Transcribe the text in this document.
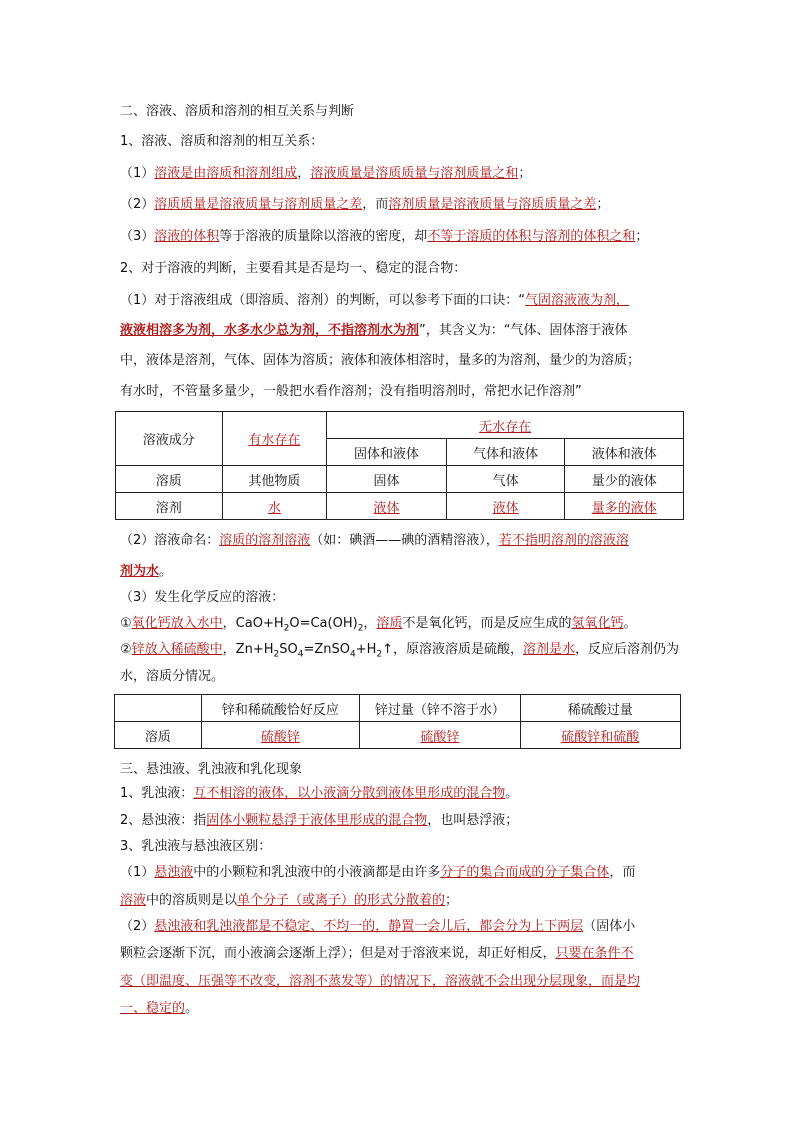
二、溶液、溶质和溶剂的相互关系与判断
1、溶液、溶质和溶剂的相互关系：
（1）溶液是由溶质和溶剂组成，溶液质量是溶质质量与溶剂质量之和；
（2）溶质质量是溶液质量与溶剂质量之差，而溶剂质量是溶液质量与溶质质量之差；
（3）溶液的体积等于溶液的质量除以溶液的密度，却不等于溶质的体积与溶剂的体积之和；
2、对于溶液的判断，主要看其是否是均一、稳定的混合物：
（1）对于溶液组成（即溶质、溶剂）的判断，可以参考下面的口诀：“气固溶液液为剂，
液液相溶多为剂，水多水少总为剂，不指溶剂水为剂”，其含义为：“气体、固体溶于液体
中，液体是溶剂，气体、固体为溶质；液体和液体相溶时，量多的为溶剂，量少的为溶质；
有水时，不管量多量少，一般把水看作溶剂；没有指明溶剂时，常把水记作溶剂”
溶液成分	有水存在	无水存在		
		固体和液体	气体和液体	液体和液体
溶质	其他物质	固体	气体	量少的液体
溶剂	水	液体	液体	量多的液体
（2）溶液命名：溶质的溶剂溶液（如：碘酒——碘的酒精溶液），若不指明溶剂的溶液溶
剂为水。
（3）发生化学反应的溶液：
①氧化钙放入水中，$CaO+H_2O=Ca(OH)_2$，溶质不是氧化钙，而是反应生成的氢氧化钙。
②锌放入稀硫酸中，$Zn+H_2SO_4=ZnSO_4+H_2↑$，原溶液溶质是硫酸，溶剂是水，反应后溶剂仍为
水，溶质分情况。
	锌和稀硫酸恰好反应	锌过量（锌不溶于水）	稀硫酸过量
溶质	硫酸锌	硫酸锌	硫酸锌和硫酸
三、悬浊液、乳浊液和乳化现象
1、乳浊液：互不相溶的液体，以小液滴分散到液体里形成的混合物。
2、悬浊液：指固体小颗粒悬浮于液体里形成的混合物，也叫悬浮液；
3、乳浊液与悬浊液区别：
（1）悬浊液中的小颗粒和乳浊液中的小液滴都是由许多分子的集合而成的分子集合体，而
溶液中的溶质则是以单个分子（或离子）的形式分散着的；
（2）悬浊液和乳浊液都是不稳定、不均一的，静置一会儿后，都会分为上下两层（固体小
颗粒会逐渐下沉，而小液滴会逐渐上浮）；但是对于溶液来说，却正好相反，只要在条件不
变（即温度、压强等不改变，溶剂不蒸发等）的情况下，溶液就不会出现分层现象，而是均
一、稳定的。
